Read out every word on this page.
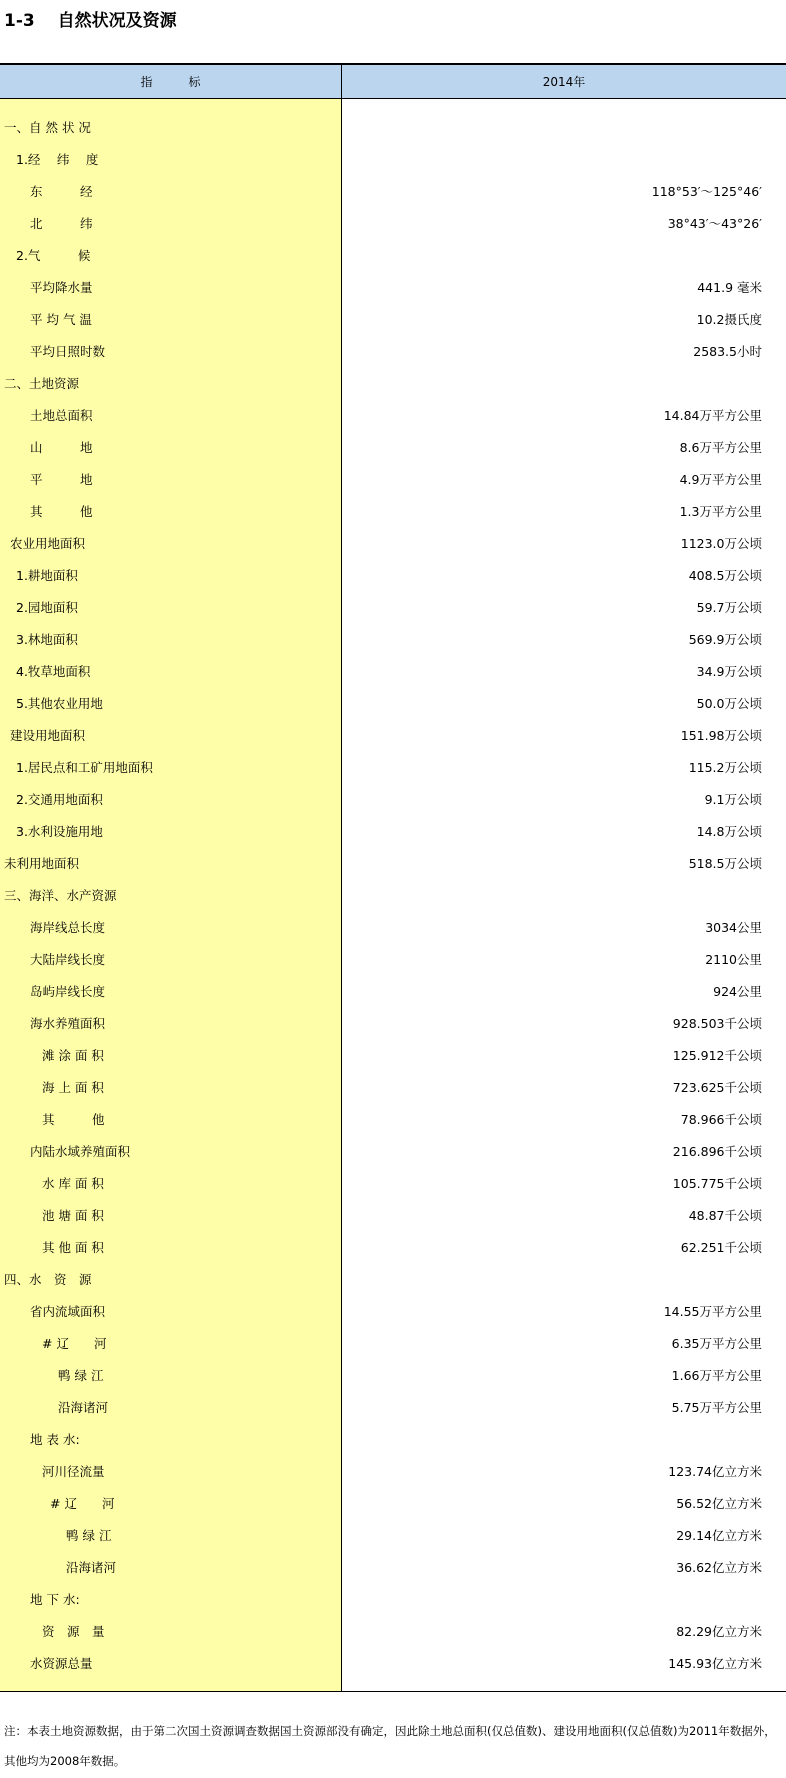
1-3　 自然状况及资源
指　　　标	2014年
一、自 然 状 况
1.经　 纬　 度
东　　　经	118°53′～125°46′
北　　　纬	38°43′～43°26′
2.气　　　候
平均降水量	441.9 毫米
平 均 气 温	10.2摄氏度
平均日照时数	2583.5小时
二、土地资源
土地总面积	14.84万平方公里
山　　　地	8.6万平方公里
平　　　地	4.9万平方公里
其　　　他	1.3万平方公里
农业用地面积	1123.0万公顷
1.耕地面积	408.5万公顷
2.园地面积	59.7万公顷
3.林地面积	569.9万公顷
4.牧草地面积	34.9万公顷
5.其他农业用地	50.0万公顷
建设用地面积	151.98万公顷
1.居民点和工矿用地面积	115.2万公顷
2.交通用地面积	9.1万公顷
3.水利设施用地	14.8万公顷
未利用地面积	518.5万公顷
三、海洋、水产资源
海岸线总长度	3034公里
大陆岸线长度	2110公里
岛屿岸线长度	924公里
海水养殖面积	928.503千公顷
滩 涂 面 积	125.912千公顷
海 上 面 积	723.625千公顷
其　　　他	78.966千公顷
内陆水域养殖面积	216.896千公顷
水 库 面 积	105.775千公顷
池 塘 面 积	48.87千公顷
其 他 面 积	62.251千公顷
四、水　资　源
省内流域面积	14.55万平方公里
# 辽　　河	6.35万平方公里
鸭 绿 江	1.66万平方公里
沿海诸河	5.75万平方公里
地 表 水:
河川径流量	123.74亿立方米
# 辽　　河	56.52亿立方米
鸭 绿 江	29.14亿立方米
沿海诸河	36.62亿立方米
地 下 水:
资　源　量	82.29亿立方米
水资源总量	145.93亿立方米
注：本表土地资源数据，由于第二次国土资源调查数据国土资源部没有确定，因此除土地总面积(仅总值数)、建设用地面积(仅总值数)为2011年数据外，其他均为2008年数据。
